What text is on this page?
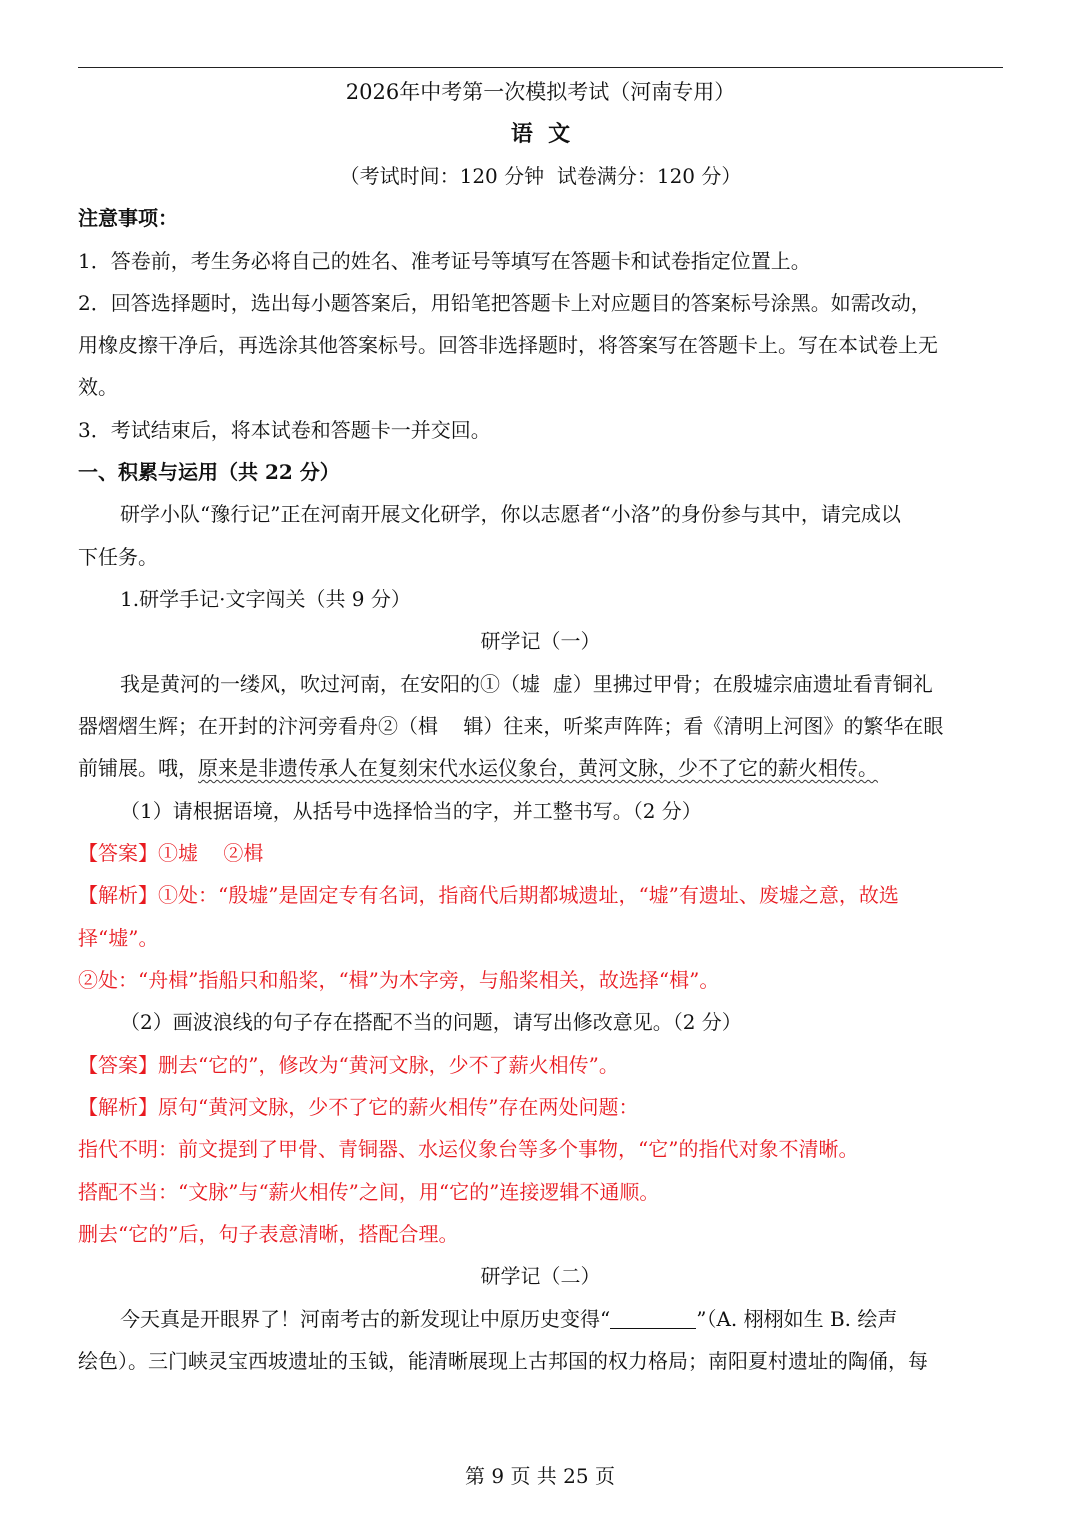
2026年中考第一次模拟考试（河南专用）
语  文
（考试时间：120 分钟  试卷满分：120 分）
注意事项：
1．答卷前，考生务必将自己的姓名、准考证号等填写在答题卡和试卷指定位置上。
2．回答选择题时，选出每小题答案后，用铅笔把答题卡上对应题目的答案标号涂黑。如需改动，
用橡皮擦干净后，再选涂其他答案标号。回答非选择题时，将答案写在答题卡上。写在本试卷上无
效。
3．考试结束后，将本试卷和答题卡一并交回。
一、积累与运用（共 22 分）
研学小队“豫行记”正在河南开展文化研学，你以志愿者“小洛”的身份参与其中，请完成以
下任务。
1.研学手记·文字闯关（共 9 分）
研学记（一）
我是黄河的一缕风，吹过河南，在安阳的①（墟  虚）里拂过甲骨；在殷墟宗庙遗址看青铜礼
器熠熠生辉；在开封的汴河旁看舟②（楫    辑）往来，听桨声阵阵；看《清明上河图》的繁华在眼
前铺展。哦，原来是非遗传承人在复刻宋代水运仪象台，黄河文脉，少不了它的薪火相传。
（1）请根据语境，从括号中选择恰当的字，并工整书写。（2 分）
【答案】①墟    ②楫
【解析】①处：“殷墟”是固定专有名词，指商代后期都城遗址，“墟”有遗址、废墟之意，故选
择“墟”。
②处：“舟楫”指船只和船桨，“楫”为木字旁，与船桨相关，故选择“楫”。
（2）画波浪线的句子存在搭配不当的问题，请写出修改意见。（2 分）
【答案】删去“它的”，修改为“黄河文脉，少不了薪火相传”。
【解析】原句“黄河文脉，少不了它的薪火相传”存在两处问题：
指代不明：前文提到了甲骨、青铜器、水运仪象台等多个事物，“它”的指代对象不清晰。
搭配不当：“文脉”与“薪火相传”之间，用“它的”连接逻辑不通顺。
删去“它的”后，句子表意清晰，搭配合理。
研学记（二）
今天真是开眼界了！河南考古的新发现让中原历史变得“	”（A. 栩栩如生 B. 绘声
绘色）。三门峡灵宝西坡遗址的玉钺，能清晰展现上古邦国的权力格局；南阳夏村遗址的陶俑，每
第 9 页 共 25 页
